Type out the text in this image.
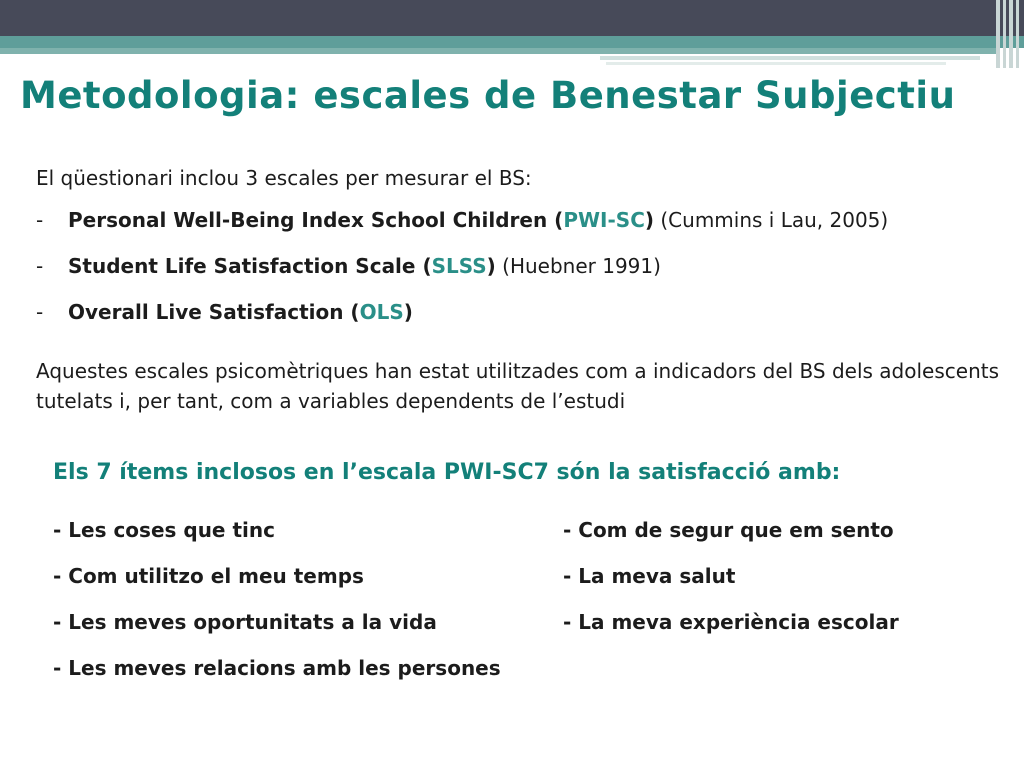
Metodologia: escales de Benestar Subjectiu

El qüestionari inclou 3 escales per mesurar el BS:

- Personal Well-Being Index School Children (PWI-SC) (Cummins i Lau, 2005)
- Student Life Satisfaction Scale (SLSS) (Huebner 1991)
- Overall Live Satisfaction (OLS)

Aquestes escales psicomètriques han estat utilitzades com a indicadors del BS dels adolescents tutelats i, per tant, com a variables dependents de l’estudi

Els 7 ítems inclosos en l’escala PWI-SC7 són la satisfacció amb:
- Les coses que tinc
- Com utilitzo el meu temps
- Les meves oportunitats a la vida
- Les meves relacions amb les persones
- Com de segur que em sento
- La meva salut
- La meva experiència escolar
